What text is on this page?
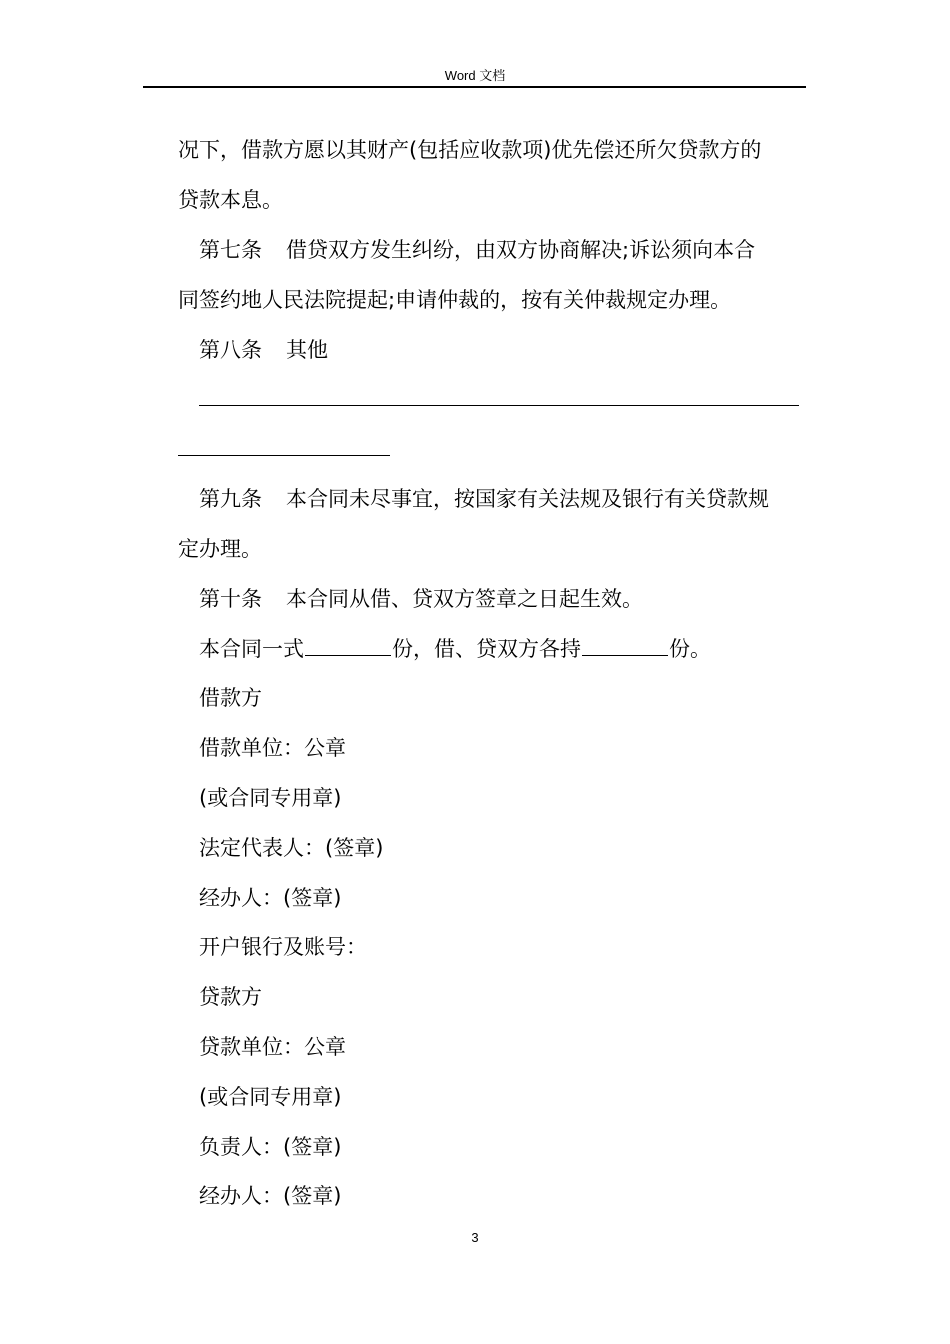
Word 文档
况下，借款方愿以其财产(包括应收款项)优先偿还所欠贷款方的
贷款本息。
第七条 借贷双方发生纠纷，由双方协商解决;诉讼须向本合
同签约地人民法院提起;申请仲裁的，按有关仲裁规定办理。
第八条 其他
第九条 本合同未尽事宜，按国家有关法规及银行有关贷款规
定办理。
第十条 本合同从借、贷双方签章之日起生效。
本合同一式	份，借、贷双方各持	份。
借款方
借款单位：公章
(或合同专用章)
法定代表人：(签章)
经办人：(签章)
开户银行及账号：
贷款方
贷款单位：公章
(或合同专用章)
负责人：(签章)
经办人：(签章)
3
